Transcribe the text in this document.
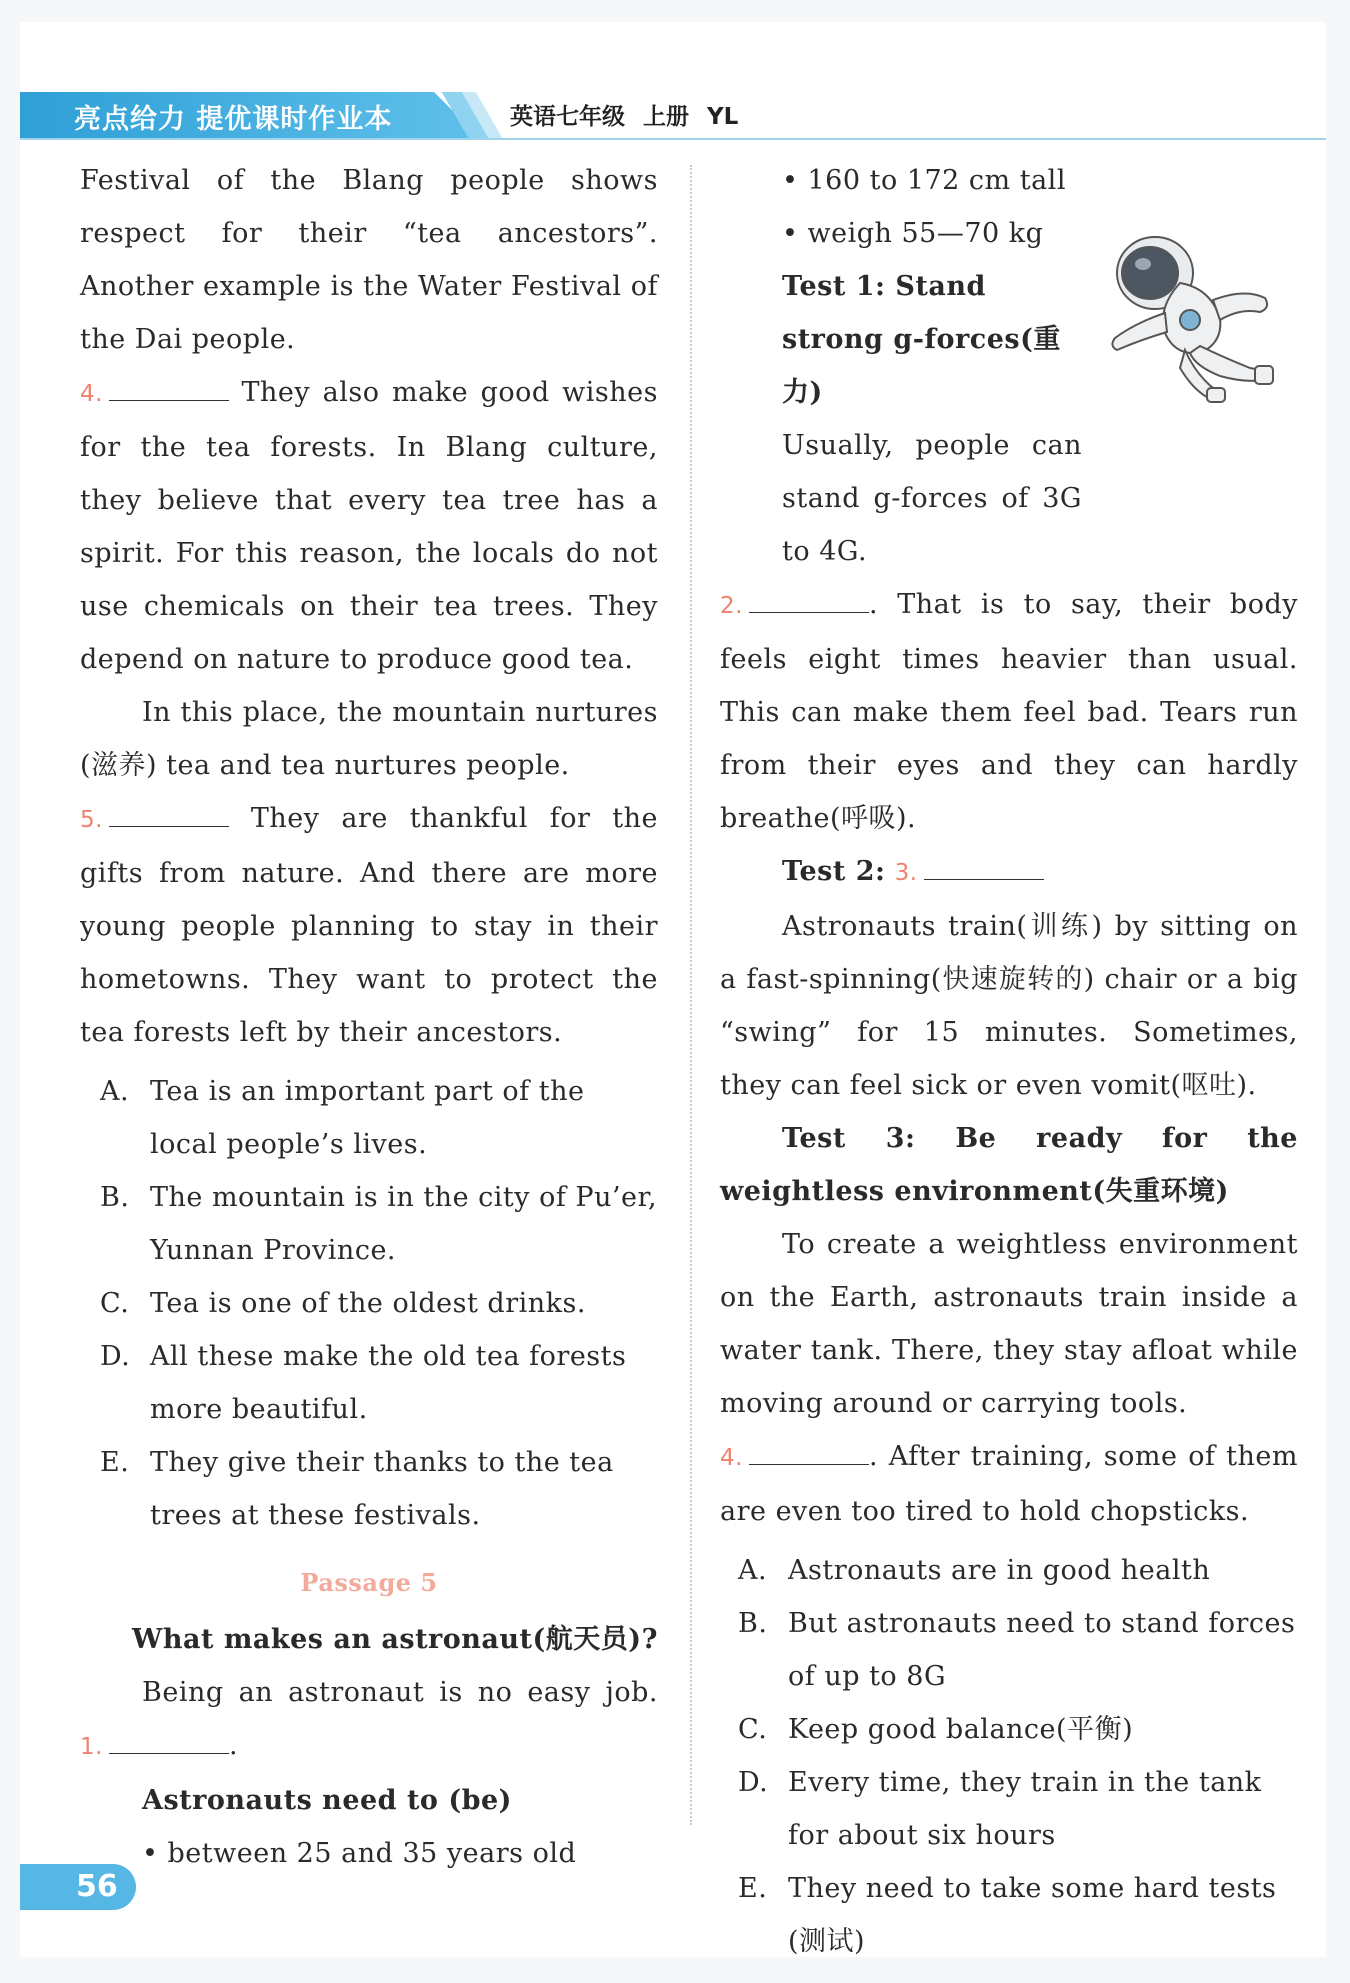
亮点给力 提优课时作业本	英语七年级 上册 YL

Festival of the Blang people shows respect for their “tea ancestors”. Another example is the Water Festival of the Dai people.

4.	They also make good wishes for the tea forests. In Blang culture, they believe that every tea tree has a spirit. For this reason, the locals do not use chemicals on their tea trees. They depend on nature to produce good tea.

In this place, the mountain nurtures (滋养) tea and tea nurtures people.

5.	They are thankful for the gifts from nature. And there are more young people planning to stay in their hometowns. They want to protect the tea forests left by their ancestors.

A. Tea is an important part of the local people’s lives.
B. The mountain is in the city of Pu’er, Yunnan Province.
C. Tea is one of the oldest drinks.
D. All these make the old tea forests more beautiful.
E. They give their thanks to the tea trees at these festivals.
Passage 5

What makes an astronaut(航天员)?

Being an astronaut is no easy job. 1.	.

Astronauts need to (be)

• between 25 and 35 years old

• 160 to 172 cm tall

• weigh 55—70 kg

Test 1: Stand strong g-forces(重力)

Usually, people can stand g-forces of 3G to 4G.

2.	. That is to say, their body feels eight times heavier than usual. This can make them feel bad. Tears run from their eyes and they can hardly breathe(呼吸).

Test 2: 3.

Astronauts train(训练) by sitting on a fast-spinning(快速旋转的) chair or a big “swing” for 15 minutes. Sometimes, they can feel sick or even vomit(呕吐).

Test 3: Be ready for the weightless environment(失重环境)

To create a weightless environment on the Earth, astronauts train inside a water tank. There, they stay afloat while moving around or carrying tools.

4.	. After training, some of them are even too tired to hold chopsticks.

A. Astronauts are in good health
B. But astronauts need to stand forces of up to 8G
C. Keep good balance(平衡)
D. Every time, they train in the tank for about six hours
E. They need to take some hard tests (测试)
56
